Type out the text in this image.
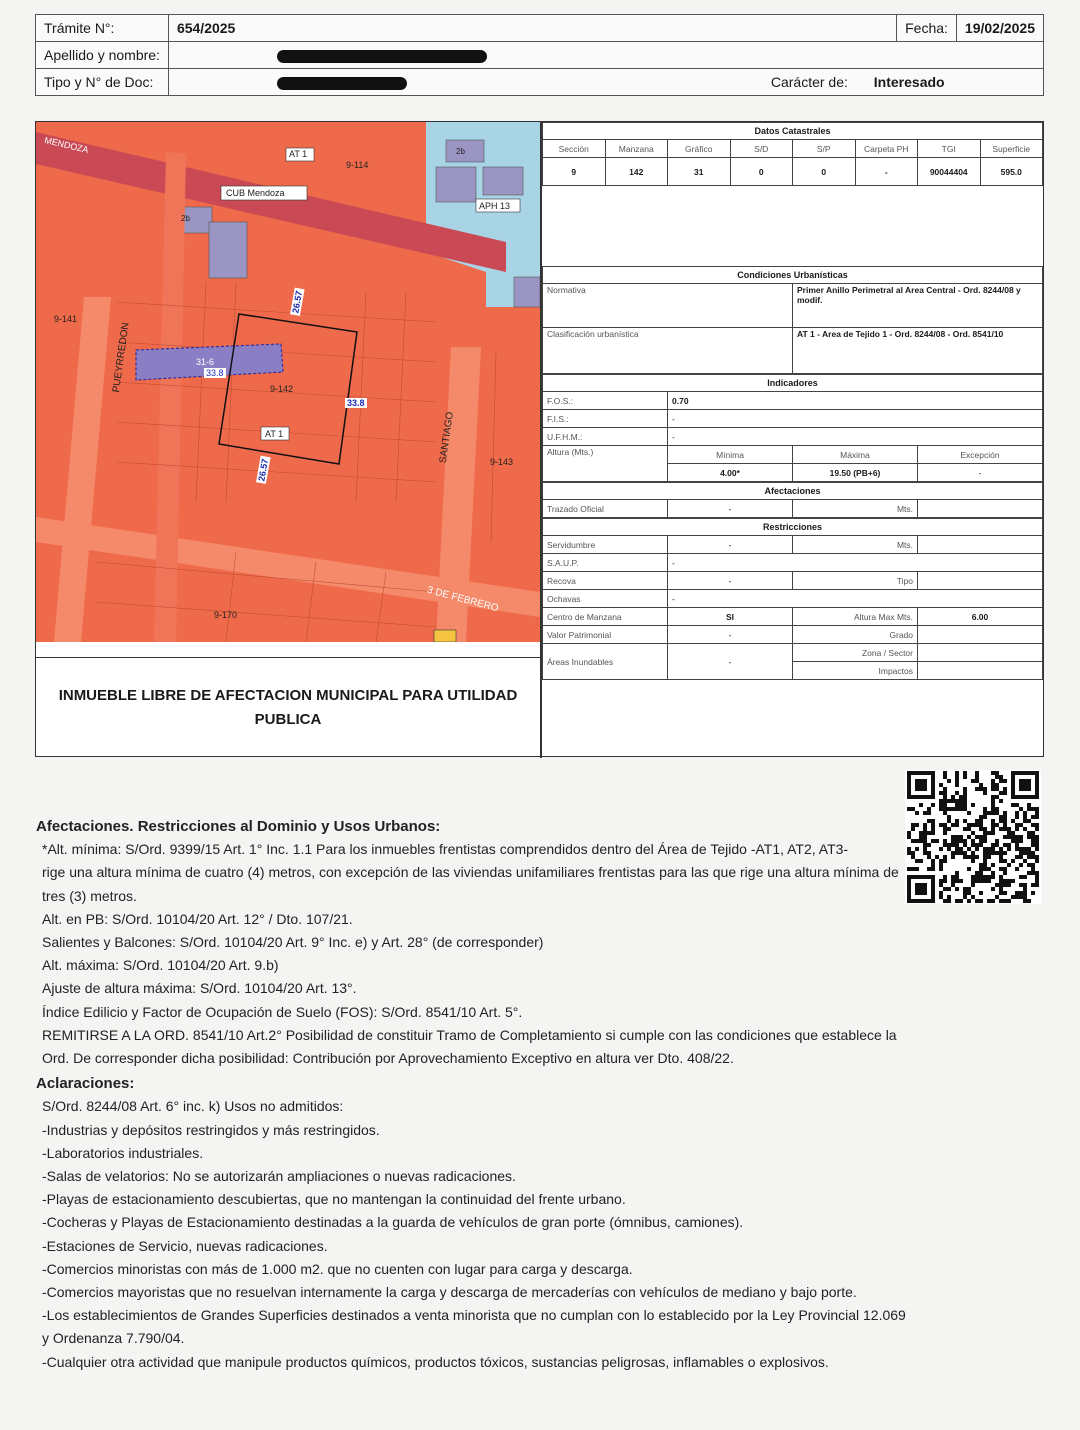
Trámite N°:	654/2025	Fecha:	19/02/2025
Apellido y nombre:			
Tipo y N° de Doc:	Carácter de: Interesado		
MENDOZA	AT 1
CUB Mendoza
APH 13
9-114
9-141
9-142
9-143
9-170
AT 1
31-6
33.8
26.57
33.8
26.57
PUEYRREDON
SANTIAGO
3 DE FEBRERO
2b
2b
INMUEBLE LIBRE DE AFECTACION MUNICIPAL PARA UTILIDAD PUBLICA
Datos Catastrales							
Sección	Manzana	Gráfico	S/D	S/P	Carpeta PH	TGI	Superficie
9	142	31	0	0	-	90044404	595.0
Condiciones Urbanísticas	
Normativa	Primer Anillo Perimetral al Area Central - Ord. 8244/08 y modif.
Clasificación urbanística	AT 1 - Area de Tejido 1 - Ord. 8244/08 - Ord. 8541/10
Indicadores			
F.O.S.:	0.70		
F.I.S.:	-		
U.F.H.M.:	-		
Altura (Mts.)	Mínima	Máxima	Excepción
	4.00*	19.50 (PB+6)	-
Afectaciones
Trazado Oficial	-	Mts.	
Restricciones			
Servidumbre	-	Mts.	
S.A.U.P.	-		
Recova	-	Tipo	
Ochavas	-		
Centro de Manzana	SI	Altura Max Mts.	6.00
Valor Patrimonial	-	Grado	
Áreas Inundables	-	Zona / Sector	
		Impactos	
Afectaciones. Restricciones al Dominio y Usos Urbanos:

*Alt. mínima: S/Ord. 9399/15 Art. 1° Inc. 1.1 Para los inmuebles frentistas comprendidos dentro del Área de Tejido -AT1, AT2, AT3-

rige una altura mínima de cuatro (4) metros, con excepción de las viviendas unifamiliares frentistas para las que rige una altura mínima de tres (3) metros.

Alt. en PB: S/Ord. 10104/20 Art. 12° / Dto. 107/21.

Salientes y Balcones: S/Ord. 10104/20 Art. 9° Inc. e) y Art. 28° (de corresponder)

Alt. máxima: S/Ord. 10104/20 Art. 9.b)

Ajuste de altura máxima: S/Ord. 10104/20 Art. 13°.

Índice Edilicio y Factor de Ocupación de Suelo (FOS): S/Ord. 8541/10 Art. 5°.

REMITIRSE A LA ORD. 8541/10 Art.2° Posibilidad de constituir Tramo de Completamiento si cumple con las condiciones que establece la Ord. De corresponder dicha posibilidad: Contribución por Aprovechamiento Exceptivo en altura ver Dto. 408/22.

Aclaraciones:

S/Ord. 8244/08 Art. 6° inc. k) Usos no admitidos:

-Industrias y depósitos restringidos y más restringidos.

-Laboratorios industriales.

-Salas de velatorios: No se autorizarán ampliaciones o nuevas radicaciones.

-Playas de estacionamiento descubiertas, que no mantengan la continuidad del frente urbano.

-Cocheras y Playas de Estacionamiento destinadas a la guarda de vehículos de gran porte (ómnibus, camiones).

-Estaciones de Servicio, nuevas radicaciones.

-Comercios minoristas con más de 1.000 m2. que no cuenten con lugar para carga y descarga.

-Comercios mayoristas que no resuelvan internamente la carga y descarga de mercaderías con vehículos de mediano y bajo porte.

-Los establecimientos de Grandes Superficies destinados a venta minorista que no cumplan con lo establecido por la Ley Provincial 12.069 y Ordenanza 7.790/04.

-Cualquier otra actividad que manipule productos químicos, productos tóxicos, sustancias peligrosas, inflamables o explosivos.
